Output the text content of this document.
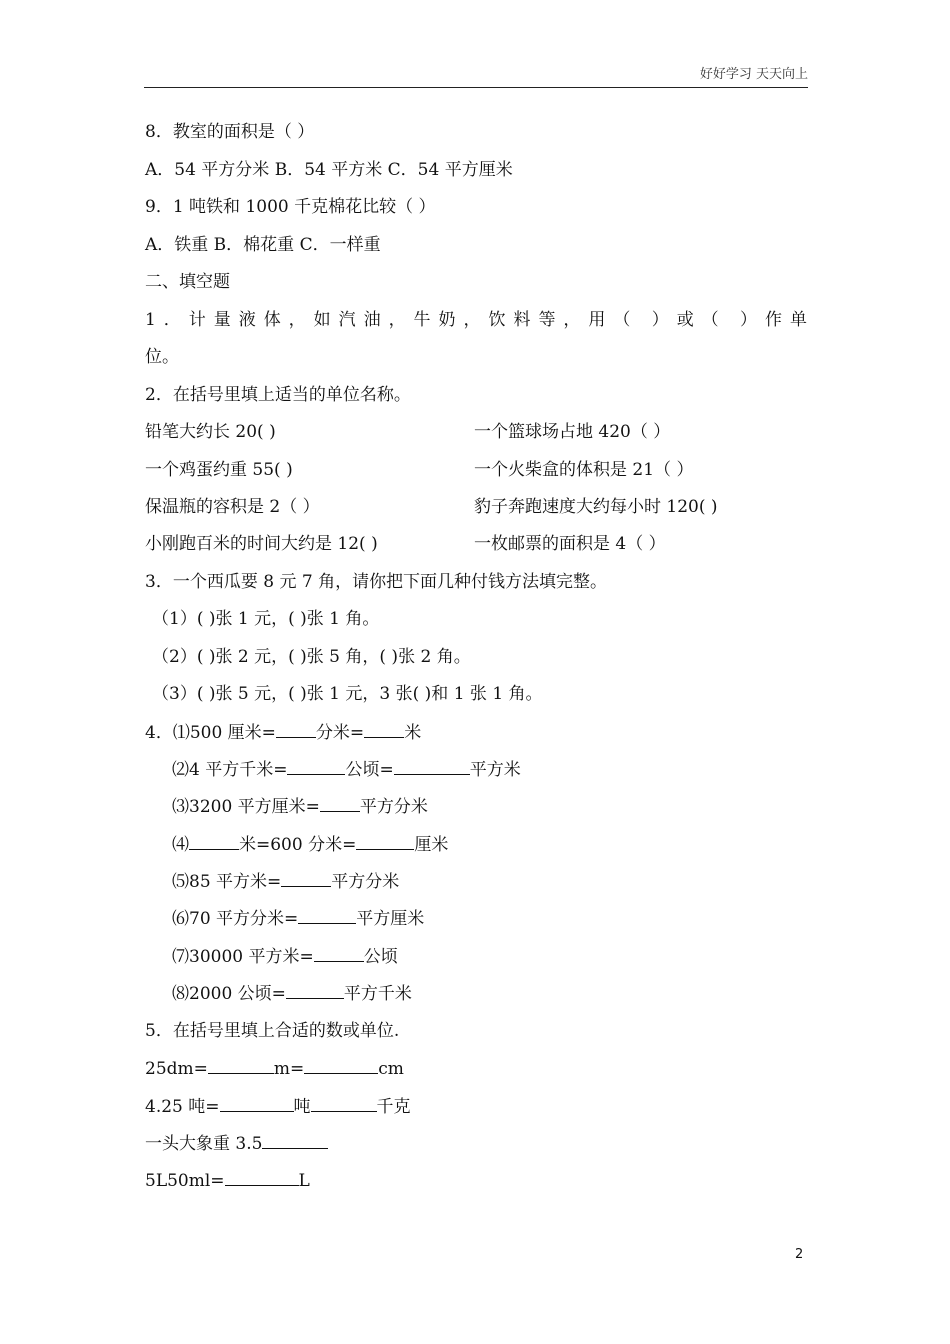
好好学习 天天向上
8．教室的面积是（ ）
A．54 平方分米 B．54 平方米 C．54 平方厘米
9．1 吨铁和 1000 千克棉花比较（ ）
A．铁重 B．棉花重 C．一样重
二、填空题
1．计量液体，如汽油，牛奶，饮料等，用（ ）或（ ）作单
位。
2．在括号里填上适当的单位名称。
铅笔大约长 20( )	一个篮球场占地 420（ ）
一个鸡蛋约重 55( )	一个火柴盒的体积是 21（ ）
保温瓶的容积是 2（ ）	豹子奔跑速度大约每小时 120( )
小刚跑百米的时间大约是 12( )	一枚邮票的面积是 4（ ）
3．一个西瓜要 8 元 7 角，请你把下面几种付钱方法填完整。
（1）( )张 1 元，( )张 1 角。
（2）( )张 2 元，( )张 5 角，( )张 2 角。
（3）( )张 5 元，( )张 1 元，3 张( )和 1 张 1 角。
4．⑴500 厘米= 分米= 米
⑵4 平方千米=	公顷=	平方米
⑶3200 平方厘米= 平方分米
⑷	米=600 分米=	厘米
⑸85 平方米=	平方分米
⑹70 平方分米=	平方厘米
⑺30000 平方米=	公顷
⑻2000 公顷=	平方千米
5．在括号里填上合适的数或单位.
25dm=	m=	cm
4.25 吨=	吨	千克
一头大象重 3.5
5L50ml=	L
2
